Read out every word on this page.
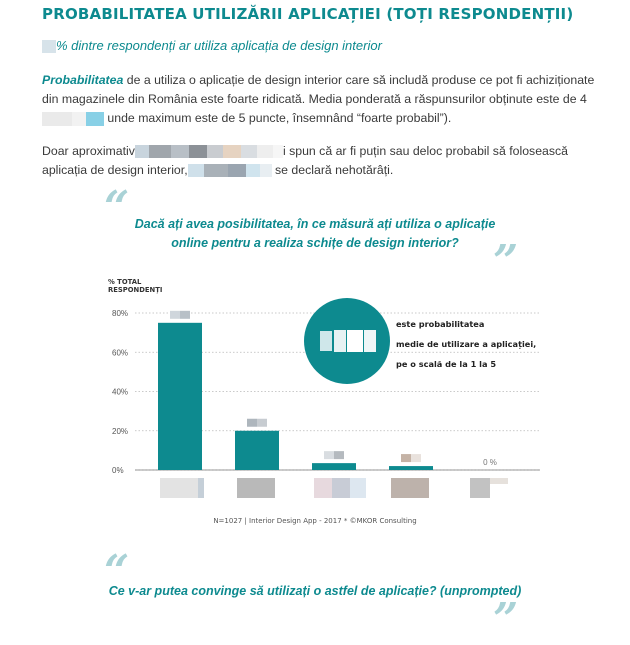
PROBABILITATEA UTILIZĂRII APLICAȚIEI (TOȚI RESPONDENȚII)
% dintre respondenți ar utiliza aplicația de design interior
Probabilitatea de a utiliza o aplicație de design interior care să includă produse ce pot fi achiziționate din magazinele din România este foarte ridicată. Media ponderată a răspunsurilor obținute este de 4 unde maximum este de 5 puncte, însemnând “foarte probabil”).
Doar aproximativ	i spun că ar fi puțin sau deloc probabil să folosească aplicația de design interior,	se declară nehotărâți.
“ Dacă ați avea posibilitatea, în ce măsură ați utiliza o aplicație
online pentru a realiza schițe de design interior? ”
% TOTAL
RESPONDENȚI
80%
60%
40%
20%
0%
0 %
este probabilitatea
medie de utilizare a aplicației,
pe o scală de la 1 la 5
N=1027 | Interior Design App - 2017 * ©MKOR Consulting
“
Ce v-ar putea convinge să utilizați o astfel de aplicație? (unprompted)
”
